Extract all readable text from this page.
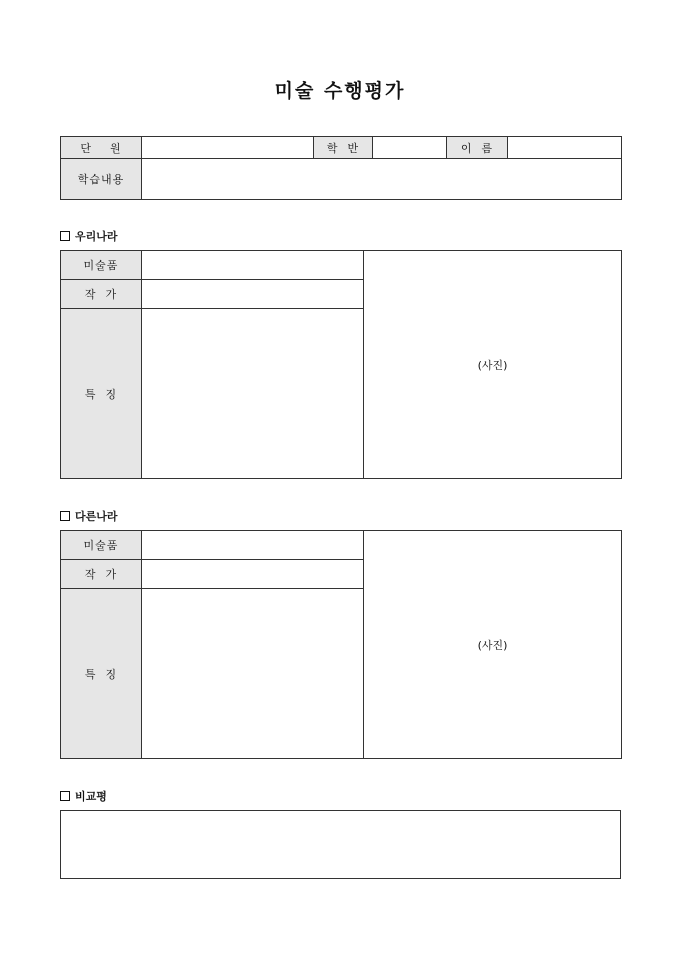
미술 수행평가
단    원		학  반		이  름	
학습내용					
우리나라
미술품		(사진)
작  가		
특  징		
다른나라
미술품		(사진)
작  가		
특  징		
비교평
